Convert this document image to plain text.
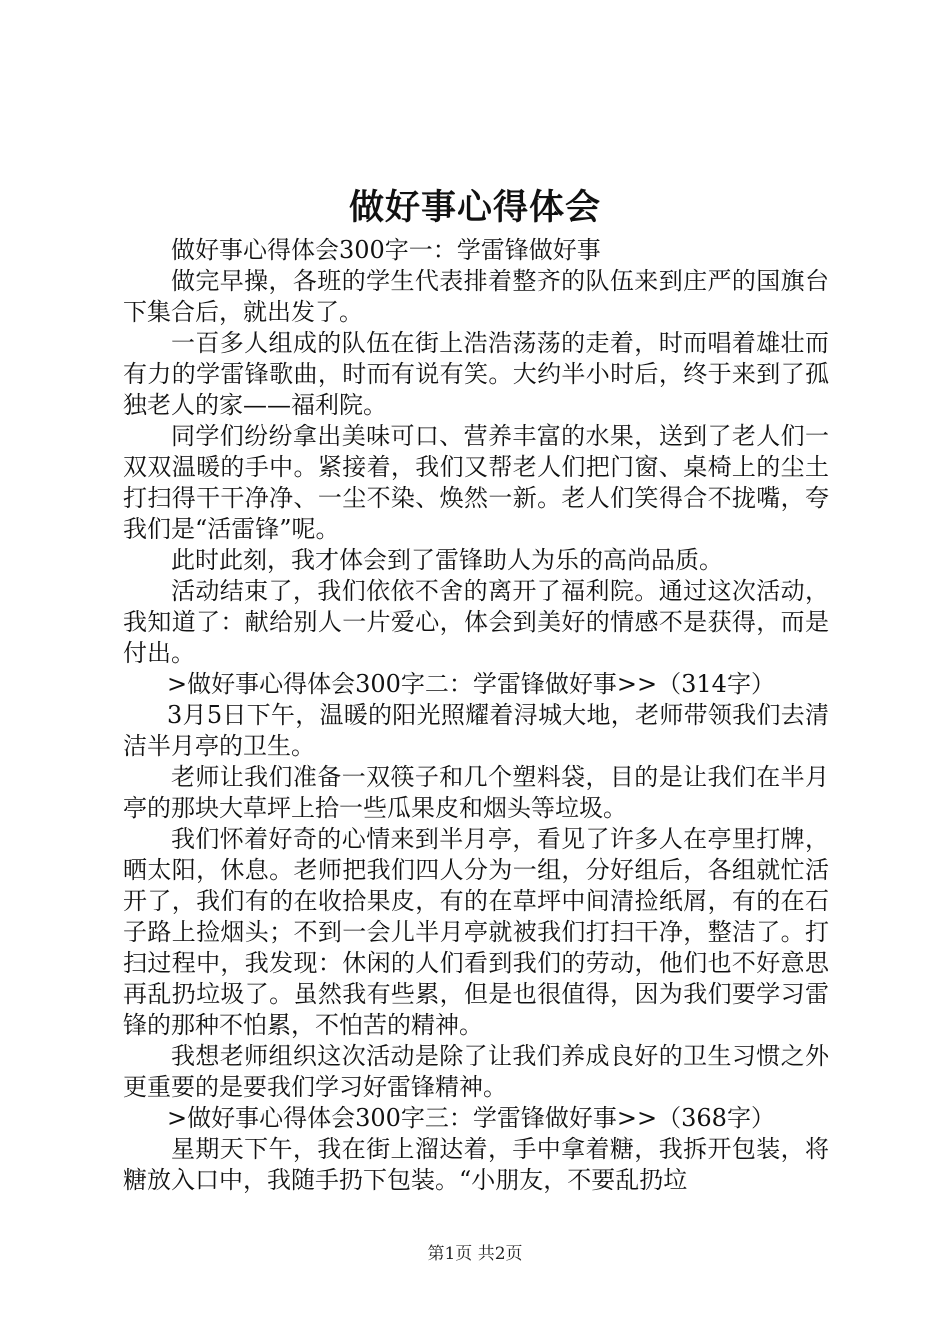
做好事心得体会

做好事心得体会300字一：学雷锋做好事

做完早操，各班的学生代表排着整齐的队伍来到庄严的国旗台下集合后，就出发了。

一百多人组成的队伍在街上浩浩荡荡的走着，时而唱着雄壮而有力的学雷锋歌曲，时而有说有笑。大约半小时后，终于来到了孤独老人的家——福利院。

同学们纷纷拿出美味可口、营养丰富的水果，送到了老人们一双双温暖的手中。紧接着，我们又帮老人们把门窗、桌椅上的尘土打扫得干干净净、一尘不染、焕然一新。老人们笑得合不拢嘴，夸我们是“活雷锋”呢。

此时此刻，我才体会到了雷锋助人为乐的高尚品质。

活动结束了，我们依依不舍的离开了福利院。通过这次活动，我知道了：献给别人一片爱心，体会到美好的情感不是获得，而是付出。

>做好事心得体会300字二：学雷锋做好事>>（314字）

3月5日下午，温暖的阳光照耀着浔城大地，老师带领我们去清洁半月亭的卫生。

老师让我们准备一双筷子和几个塑料袋，目的是让我们在半月亭的那块大草坪上拾一些瓜果皮和烟头等垃圾。

我们怀着好奇的心情来到半月亭，看见了许多人在亭里打牌，晒太阳，休息。老师把我们四人分为一组，分好组后，各组就忙活开了，我们有的在收拾果皮，有的在草坪中间清捡纸屑，有的在石子路上捡烟头；不到一会儿半月亭就被我们打扫干净，整洁了。打扫过程中，我发现：休闲的人们看到我们的劳动，他们也不好意思再乱扔垃圾了。虽然我有些累，但是也很值得，因为我们要学习雷锋的那种不怕累，不怕苦的精神。

我想老师组织这次活动是除了让我们养成良好的卫生习惯之外更重要的是要我们学习好雷锋精神。

>做好事心得体会300字三：学雷锋做好事>>（368字）

星期天下午，我在街上溜达着，手中拿着糖，我拆开包装，将糖放入口中，我随手扔下包装。“小朋友，不要乱扔垃

第1页 共2页
